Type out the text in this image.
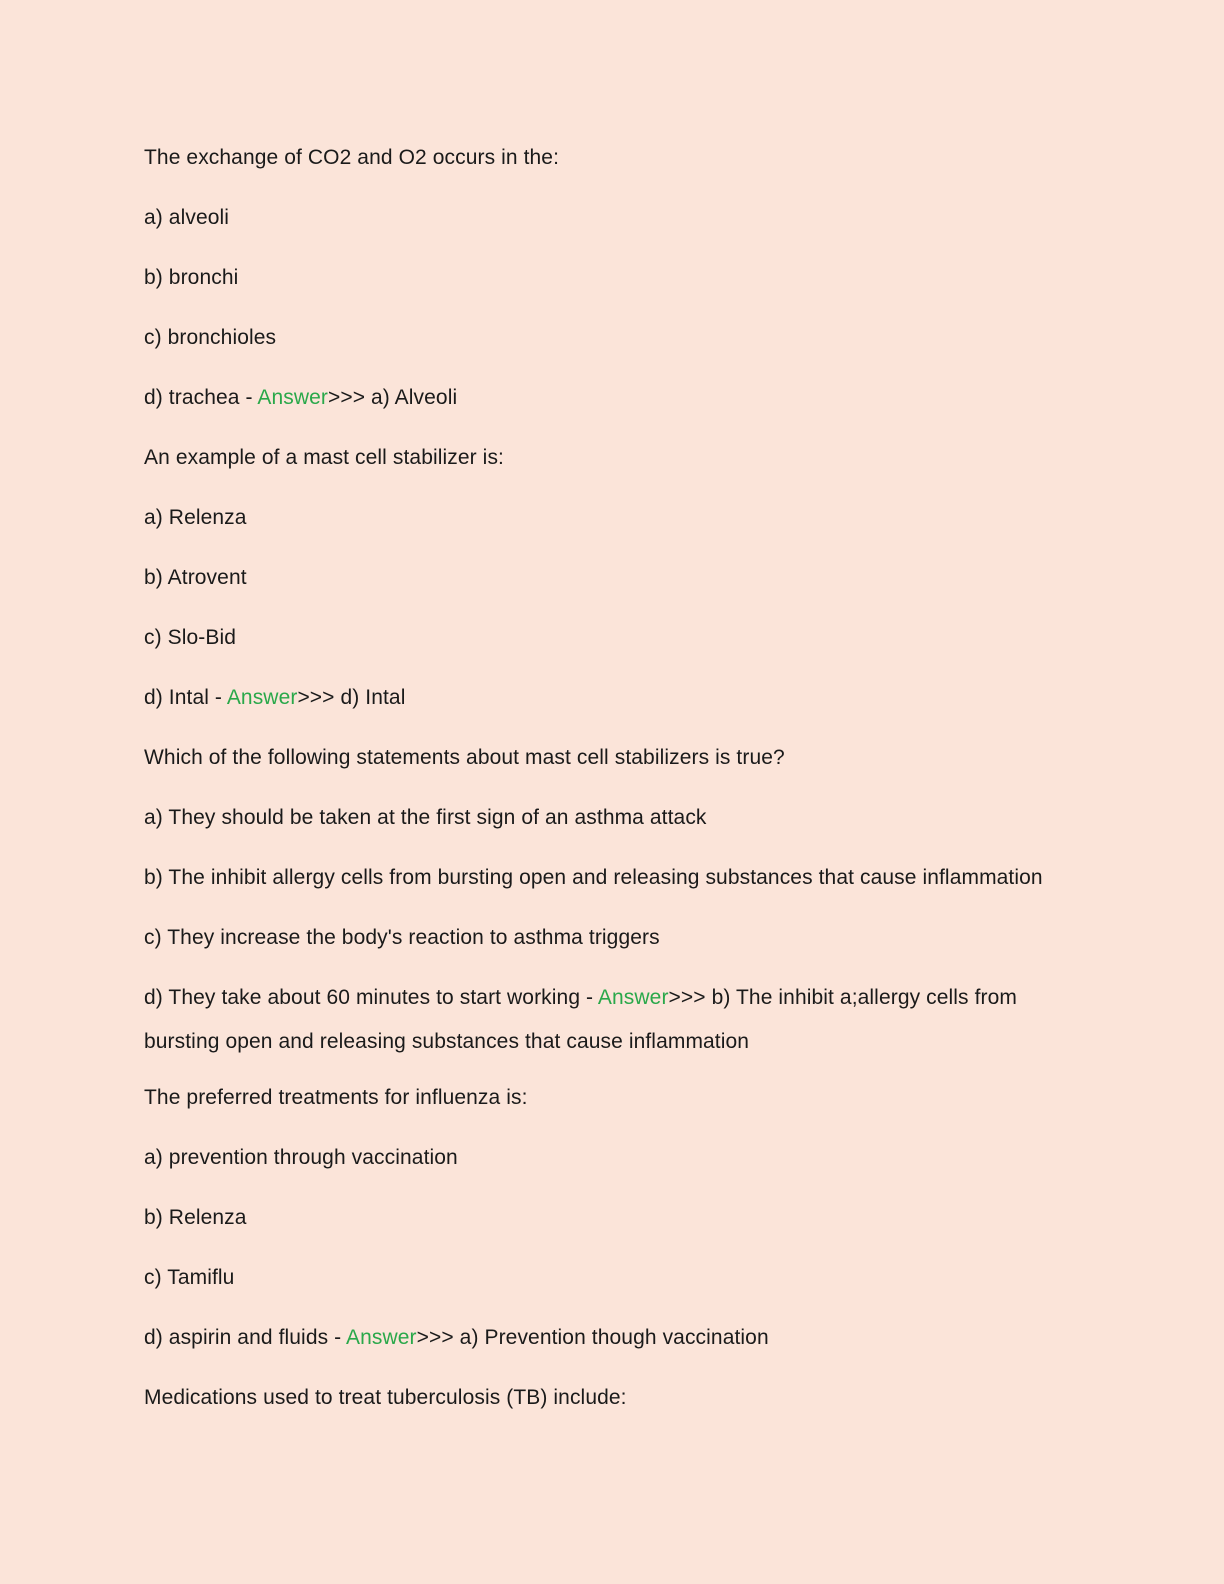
The exchange of CO2 and O2 occurs in the:
a) alveoli
b) bronchi
c) bronchioles
d) trachea - Answer>>> a) Alveoli
An example of a mast cell stabilizer is:
a) Relenza
b) Atrovent
c) Slo-Bid
d) Intal - Answer>>> d) Intal
Which of the following statements about mast cell stabilizers is true?
a) They should be taken at the first sign of an asthma attack
b) The inhibit allergy cells from bursting open and releasing substances that cause inflammation
c) They increase the body's reaction to asthma triggers
d) They take about 60 minutes to start working - Answer>>> b) The inhibit a;allergy cells from bursting open and releasing substances that cause inflammation
The preferred treatments for influenza is:
a) prevention through vaccination
b) Relenza
c) Tamiflu
d) aspirin and fluids - Answer>>> a) Prevention though vaccination
Medications used to treat tuberculosis (TB) include:
